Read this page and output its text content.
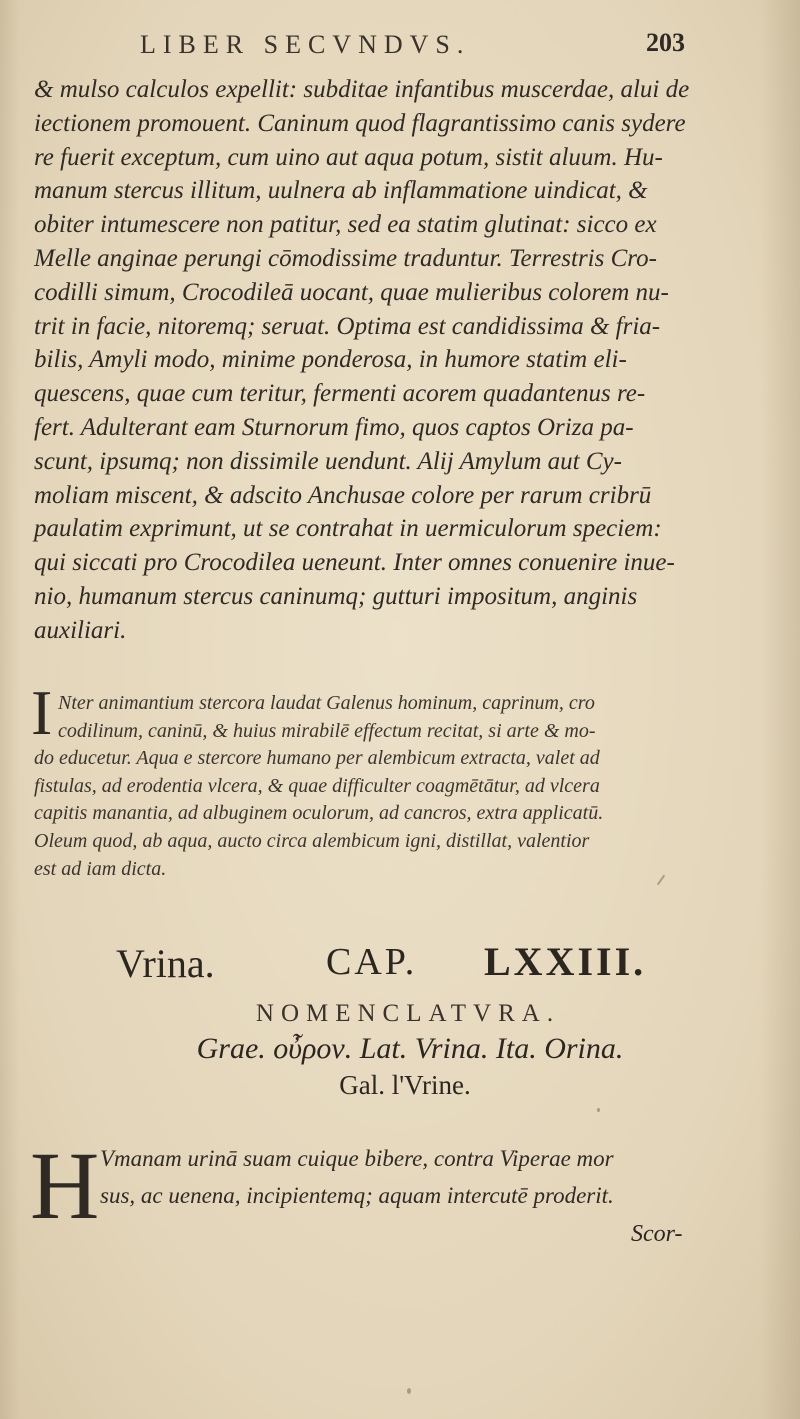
LIBER SECVNDVS.	203
& mulso calculos expellit: subditae infantibus muscerdae, alui de
iectionem promouent. Caninum quod flagrantissimo canis sydere
re fuerit exceptum, cum uino aut aqua potum, sistit aluum. Hu-
manum stercus illitum, uulnera ab inflammatione uindicat, &
obiter intumescere non patitur, sed ea statim glutinat: sicco ex
Melle anginae perungi cōmodissime traduntur. Terrestris Cro-
codilli simum, Crocodileā uocant, quae mulieribus colorem nu-
trit in facie, nitoremq; seruat. Optima est candidissima & fria-
bilis, Amyli modo, minime ponderosa, in humore statim eli-
quescens, quae cum teritur, fermenti acorem quadantenus re-
fert. Adulterant eam Sturnorum fimo, quos captos Oriza pa-
scunt, ipsumq; non dissimile uendunt. Alij Amylum aut Cy-
moliam miscent, & adscito Anchusae colore per rarum cribrū
paulatim exprimunt, ut se contrahat in uermiculorum speciem:
qui siccati pro Crocodilea ueneunt. Inter omnes conuenire inue-
nio, humanum stercus caninumq; gutturi impositum, anginis
auxiliari.
I Nter animantium stercora laudat Galenus hominum, caprinum, cro
codilinum, caninū, & huius mirabilē effectum recitat, si arte & mo-
do educetur. Aqua e stercore humano per alembicum extracta, valet ad
fistulas, ad erodentia vlcera, & quae difficulter coagmētātur, ad vlcera
capitis manantia, ad albuginem oculorum, ad cancros, extra applicatū.
Oleum quod, ab aqua, aucto circa alembicum igni, distillat, valentior
est ad iam dicta.
Vrina.	CAP. LXXIII.
NOMENCLATVRA.
Grae. οὖρον. Lat. Vrina. Ita. Orina.
Gal. l'Vrine.
H Vmanam urinā suam cuique bibere, contra Viperae mor
sus, ac uenena, incipientemq; aquam intercutē proderit.
Scor-
